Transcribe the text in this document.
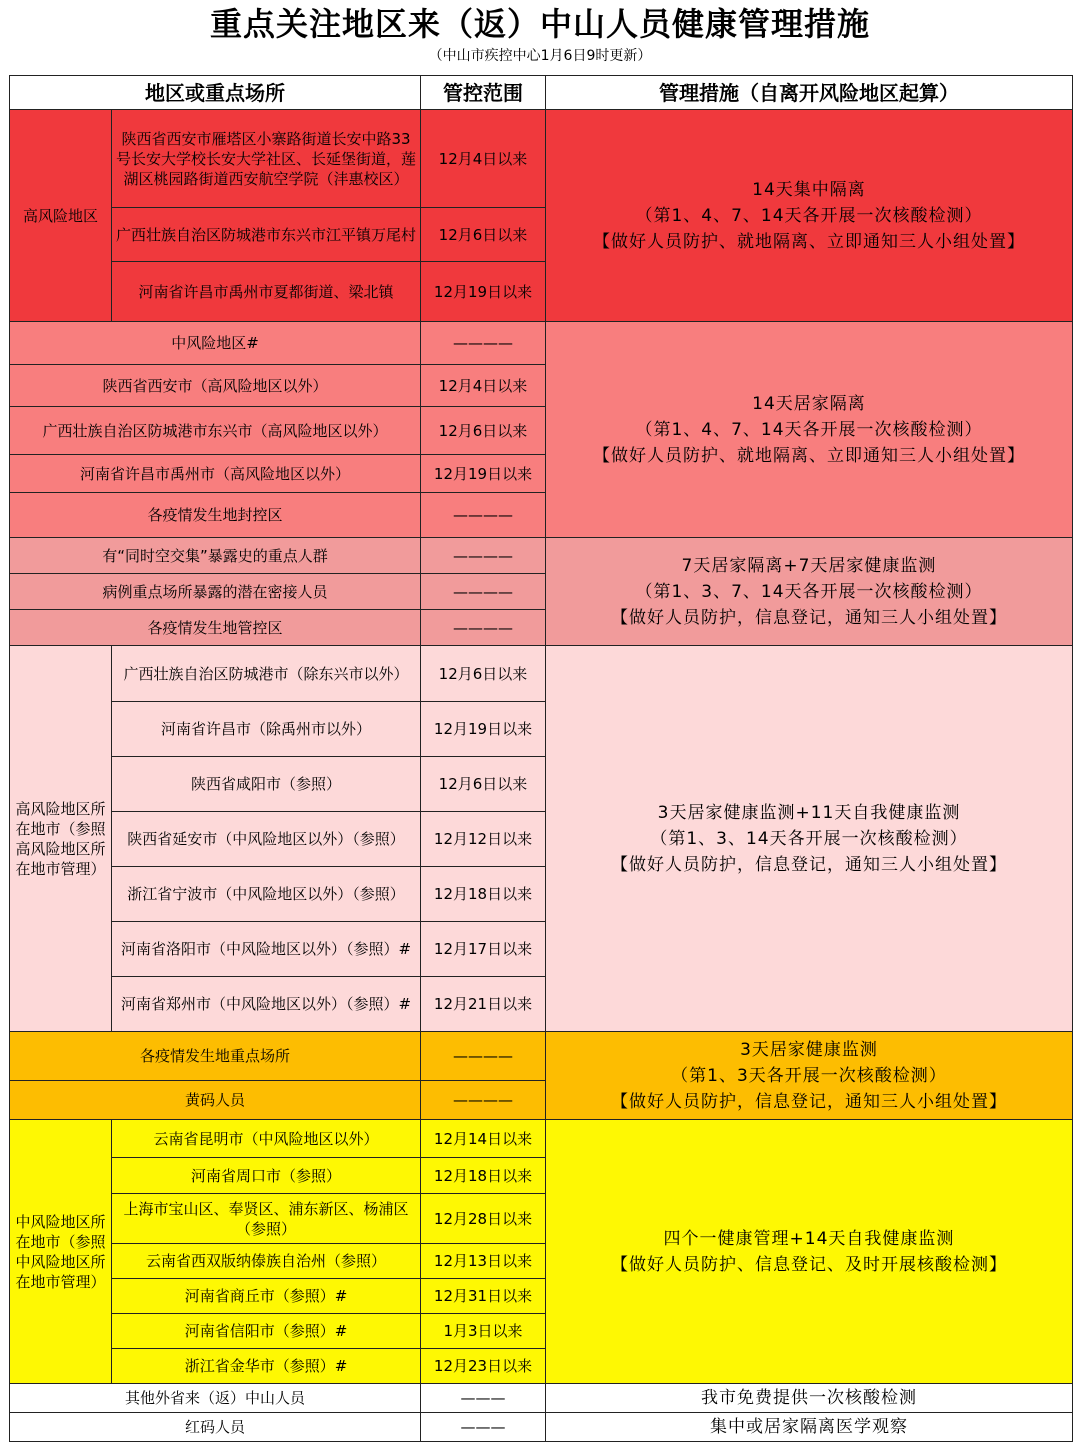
重点关注地区来（返）中山人员健康管理措施
（中山市疾控中心1月6日9时更新）
地区或重点场所		管控范围	管理措施（自离开风险地区起算）
高风险地区	陕西省西安市雁塔区小寨路街道长安中路33号长安大学校长安大学社区、长延堡街道，莲湖区桃园路街道西安航空学院（沣惠校区）	12月4日以来	14天集中隔离
（第1、4、7、14天各开展一次核酸检测）
【做好人员防护、就地隔离、立即通知三人小组处置】

	广西壮族自治区防城港市东兴市江平镇万尾村	12月6日以来	
	河南省许昌市禹州市夏都街道、梁北镇	12月19日以来	
中风险地区#		————	14天居家隔离
（第1、4、7、14天各开展一次核酸检测）
【做好人员防护、就地隔离、立即通知三人小组处置】

陕西省西安市（高风险地区以外）		12月4日以来	
广西壮族自治区防城港市东兴市（高风险地区以外）		12月6日以来	
河南省许昌市禹州市（高风险地区以外）		12月19日以来	
各疫情发生地封控区		————	
有“同时空交集”暴露史的重点人群		————	7天居家隔离+7天居家健康监测
（第1、3、7、14天各开展一次核酸检测）
【做好人员防护，信息登记，通知三人小组处置】

病例重点场所暴露的潜在密接人员		————	
各疫情发生地管控区		————	
高风险地区所在地市（参照高风险地区所在地市管理）	广西壮族自治区防城港市（除东兴市以外）	12月6日以来	3天居家健康监测+11天自我健康监测
（第1、3、14天各开展一次核酸检测）
【做好人员防护，信息登记，通知三人小组处置】

	河南省许昌市（除禹州市以外）	12月19日以来	
	陕西省咸阳市（参照）	12月6日以来	
	陕西省延安市（中风险地区以外）（参照）	12月12日以来	
	浙江省宁波市（中风险地区以外）（参照）	12月18日以来	
	河南省洛阳市（中风险地区以外）（参照）#	12月17日以来	
	河南省郑州市（中风险地区以外）（参照）#	12月21日以来	
各疫情发生地重点场所		————	3天居家健康监测
（第1、3天各开展一次核酸检测）
【做好人员防护，信息登记，通知三人小组处置】

黄码人员		————	
中风险地区所在地市（参照中风险地区所在地市管理）	云南省昆明市（中风险地区以外）	12月14日以来	四个一健康管理+14天自我健康监测
【做好人员防护、信息登记、及时开展核酸检测】

	河南省周口市（参照）	12月18日以来	
	上海市宝山区、奉贤区、浦东新区、杨浦区（参照）	12月28日以来	
	云南省西双版纳傣族自治州（参照）	12月13日以来	
	河南省商丘市（参照）#	12月31日以来	
	河南省信阳市（参照）#	1月3日以来	
	浙江省金华市（参照）#	12月23日以来	
其他外省来（返）中山人员		———	我市免费提供一次核酸检测
红码人员		———	集中或居家隔离医学观察
